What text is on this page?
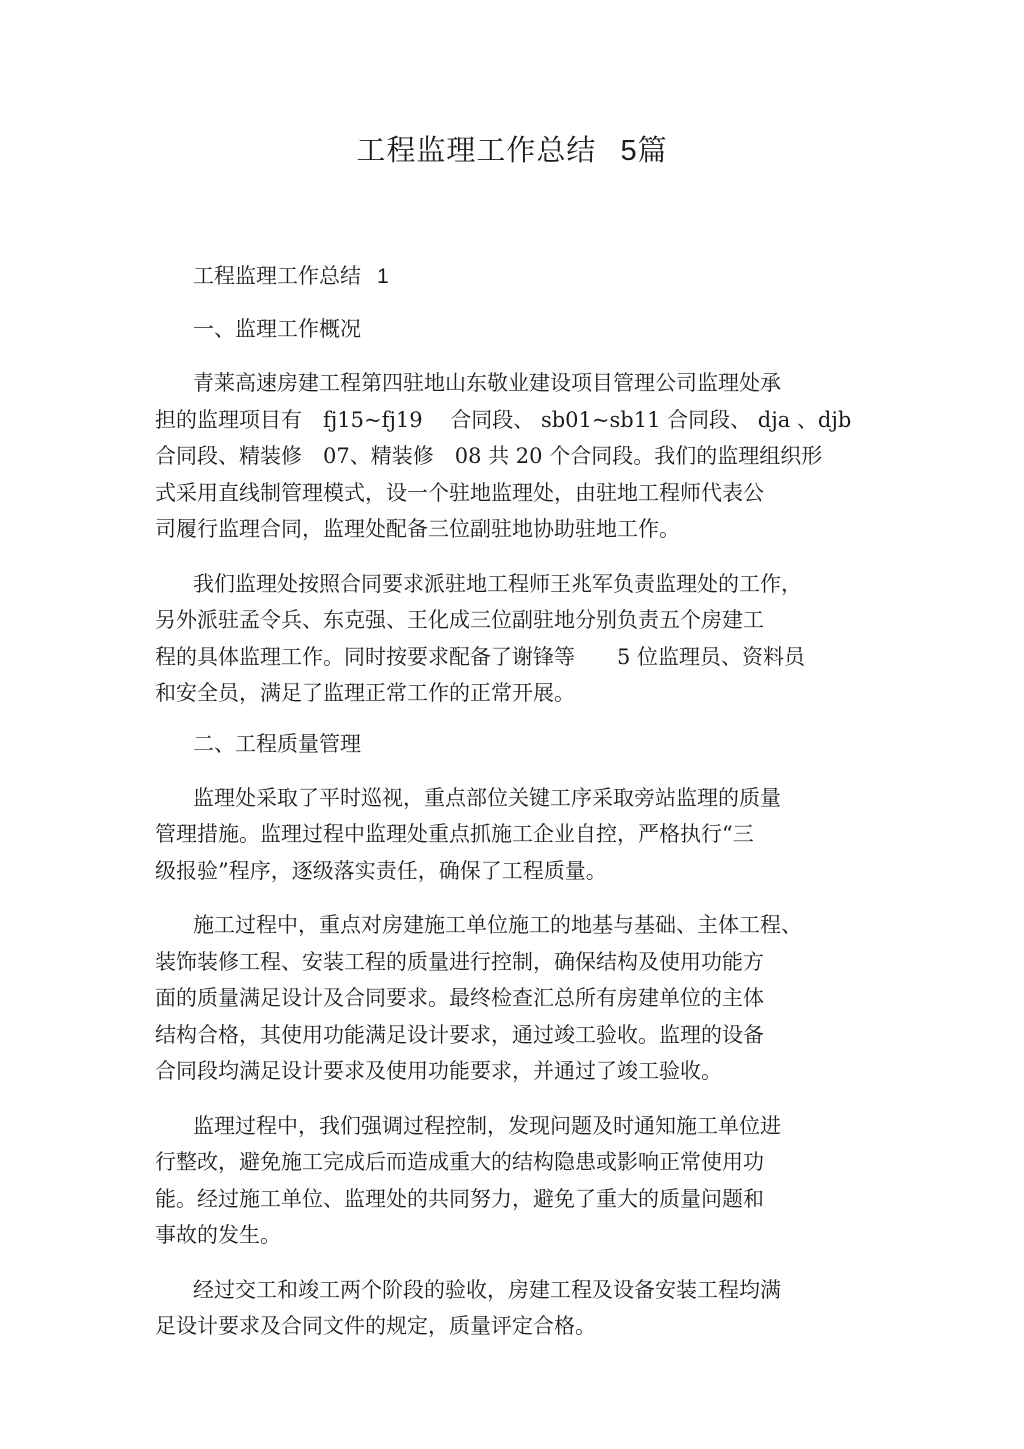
工程监理工作总结 5篇

工程监理工作总结 1

一、监理工作概况

青莱高速房建工程第四驻地山东敬业建设项目管理公司监理处承
担的监理项目有　fj15~fj19　 合同段、 sb01~sb11 合同段、 dja 、djb
合同段、精装修　07、精装修　08 共 20 个合同段。我们的监理组织形
式采用直线制管理模式，设一个驻地监理处，由驻地工程师代表公
司履行监理合同，监理处配备三位副驻地协助驻地工作。
我们监理处按照合同要求派驻地工程师王兆军负责监理处的工作，
另外派驻孟令兵、东克强、王化成三位副驻地分别负责五个房建工
程的具体监理工作。同时按要求配备了谢锋等　　5 位监理员、资料员
和安全员，满足了监理正常工作的正常开展。

二、工程质量管理

监理处采取了平时巡视，重点部位关键工序采取旁站监理的质量
管理措施。监理过程中监理处重点抓施工企业自控，严格执行“三
级报验”程序，逐级落实责任，确保了工程质量。
施工过程中，重点对房建施工单位施工的地基与基础、主体工程、
装饰装修工程、安装工程的质量进行控制，确保结构及使用功能方
面的质量满足设计及合同要求。最终检查汇总所有房建单位的主体
结构合格，其使用功能满足设计要求，通过竣工验收。监理的设备
合同段均满足设计要求及使用功能要求，并通过了竣工验收。
监理过程中，我们强调过程控制，发现问题及时通知施工单位进
行整改，避免施工完成后而造成重大的结构隐患或影响正常使用功
能。经过施工单位、监理处的共同努力，避免了重大的质量问题和
事故的发生。
经过交工和竣工两个阶段的验收，房建工程及设备安装工程均满
足设计要求及合同文件的规定，质量评定合格。
